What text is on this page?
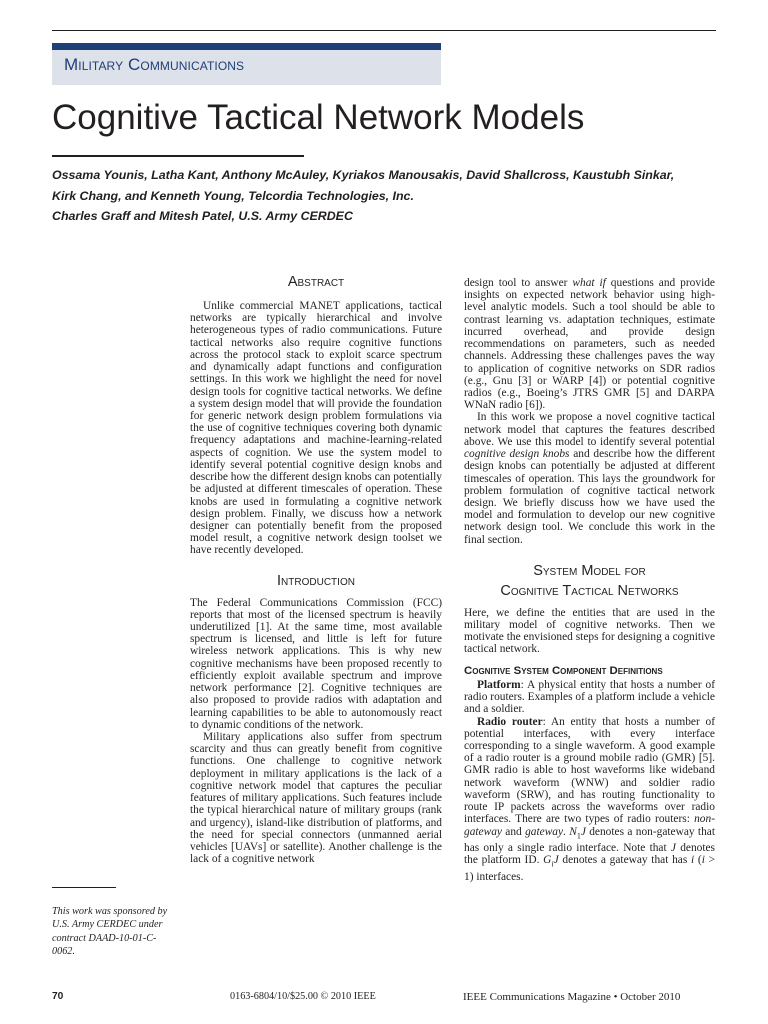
Military Communications
Cognitive Tactical Network Models
Ossama Younis, Latha Kant, Anthony McAuley, Kyriakos Manousakis, David Shallcross, Kaustubh Sinkar,
Kirk Chang, and Kenneth Young, Telcordia Technologies, Inc.
Charles Graff and Mitesh Patel, U.S. Army CERDEC
This work was sponsored by U.S. Army CERDEC under contract DAAD-10-01-C-0062.
Abstract

Unlike commercial MANET applications, tactical networks are typically hierarchical and involve heterogeneous types of radio communications. Future tactical networks also require cognitive functions across the protocol stack to exploit scarce spectrum and dynamically adapt functions and configuration settings. In this work we highlight the need for novel design tools for cognitive tactical networks. We define a system design model that will provide the foundation for generic network design problem formulations via the use of cognitive techniques covering both dynamic frequency adaptations and machine-learning-related aspects of cognition. We use the system model to identify several potential cognitive design knobs and describe how the different design knobs can potentially be adjusted at different timescales of operation. These knobs are used in formulating a cognitive network design problem. Finally, we discuss how a network designer can potentially benefit from the proposed model result, a cognitive network design toolset we have recently developed.

Introduction

The Federal Communications Commission (FCC) reports that most of the licensed spectrum is heavily underutilized [1]. At the same time, most available spectrum is licensed, and little is left for future wireless network applications. This is why new cognitive mechanisms have been proposed recently to efficiently exploit available spectrum and improve network performance [2]. Cognitive techniques are also proposed to provide radios with adaptation and learning capabilities to be able to autonomously react to dynamic conditions of the network.

Military applications also suffer from spectrum scarcity and thus can greatly benefit from cognitive functions. One challenge to cognitive network deployment in military applications is the lack of a cognitive network model that captures the peculiar features of military applications. Such features include the typical hierarchical nature of military groups (rank and urgency), island-like distribution of platforms, and the need for special connectors (unmanned aerial vehicles [UAVs] or satellite). Another challenge is the lack of a cognitive network

design tool to answer what if questions and provide insights on expected network behavior using high-level analytic models. Such a tool should be able to contrast learning vs. adaptation techniques, estimate incurred overhead, and provide design recommendations on parameters, such as needed channels. Addressing these challenges paves the way to application of cognitive networks on SDR radios (e.g., Gnu [3] or WARP [4]) or potential cognitive radios (e.g., Boeing’s JTRS GMR [5] and DARPA WNaN radio [6]).

In this work we propose a novel cognitive tactical network model that captures the features described above. We use this model to identify several potential cognitive design knobs and describe how the different design knobs can potentially be adjusted at different timescales of operation. This lays the groundwork for problem formulation of cognitive tactical network design. We briefly discuss how we have used the model and formulation to develop our new cognitive network design tool. We conclude this work in the final section.

System Model for
Cognitive Tactical Networks

Here, we define the entities that are used in the military model of cognitive networks. Then we motivate the envisioned steps for designing a cognitive tactical network.

Cognitive System Component Definitions

Platform: A physical entity that hosts a number of radio routers. Examples of a platform include a vehicle and a soldier.

Radio router: An entity that hosts a number of potential interfaces, with every interface corresponding to a single waveform. A good example of a radio router is a ground mobile radio (GMR) [5]. GMR radio is able to host waveforms like wideband network waveform (WNW) and soldier radio waveform (SRW), and has routing functionality to route IP packets across the waveforms over radio interfaces. There are two types of radio routers: non-gateway and gateway. $N_1J$ denotes a non-gateway that has only a single radio interface. Note that J denotes the platform ID. $G_iJ$ denotes a gateway that has i (i > 1) interfaces.

70	0163-6804/10/$25.00 © 2010 IEEE	IEEE Communications Magazine • October 2010
